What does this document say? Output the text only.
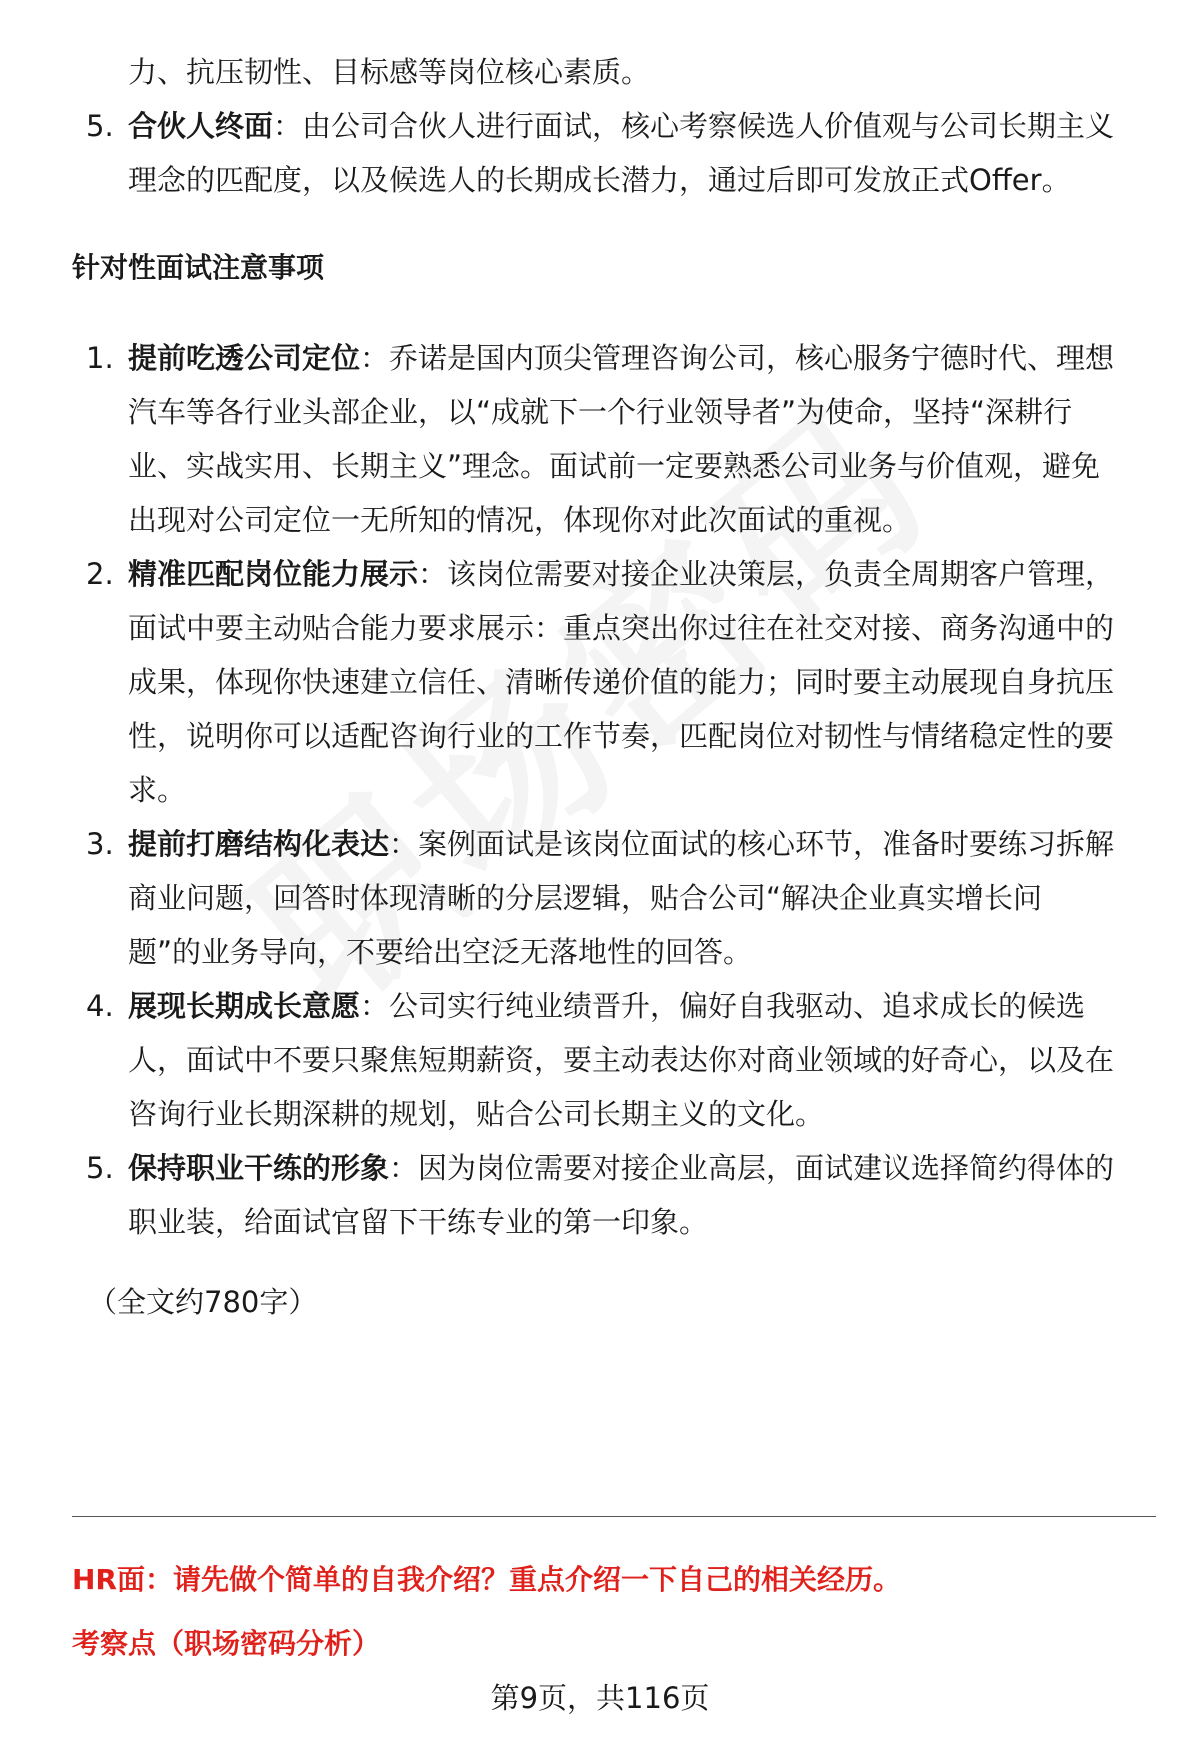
力、抗压韧性、目标感等岗位核心素质。
5. 合伙人终面：由公司合伙人进行面试，核心考察候选人价值观与公司长期主义
理念的匹配度，以及候选人的长期成长潜力，通过后即可发放正式Offer。
针对性面试注意事项
1. 提前吃透公司定位：乔诺是国内顶尖管理咨询公司，核心服务宁德时代、理想
汽车等各行业头部企业，以“成就下一个行业领导者”为使命，坚持“深耕行
业、实战实用、长期主义”理念。面试前一定要熟悉公司业务与价值观，避免
出现对公司定位一无所知的情况，体现你对此次面试的重视。
2. 精准匹配岗位能力展示：该岗位需要对接企业决策层，负责全周期客户管理，
面试中要主动贴合能力要求展示：重点突出你过往在社交对接、商务沟通中的
成果，体现你快速建立信任、清晰传递价值的能力；同时要主动展现自身抗压
性，说明你可以适配咨询行业的工作节奏，匹配岗位对韧性与情绪稳定性的要
求。
3. 提前打磨结构化表达：案例面试是该岗位面试的核心环节，准备时要练习拆解
商业问题，回答时体现清晰的分层逻辑，贴合公司“解决企业真实增长问
题”的业务导向，不要给出空泛无落地性的回答。
4. 展现长期成长意愿：公司实行纯业绩晋升，偏好自我驱动、追求成长的候选
人，面试中不要只聚焦短期薪资，要主动表达你对商业领域的好奇心，以及在
咨询行业长期深耕的规划，贴合公司长期主义的文化。
5. 保持职业干练的形象：因为岗位需要对接企业高层，面试建议选择简约得体的
职业装，给面试官留下干练专业的第一印象。
（全文约780字）
HR面：请先做个简单的自我介绍？重点介绍一下自己的相关经历。
考察点（职场密码分析）
第9页，共116页
